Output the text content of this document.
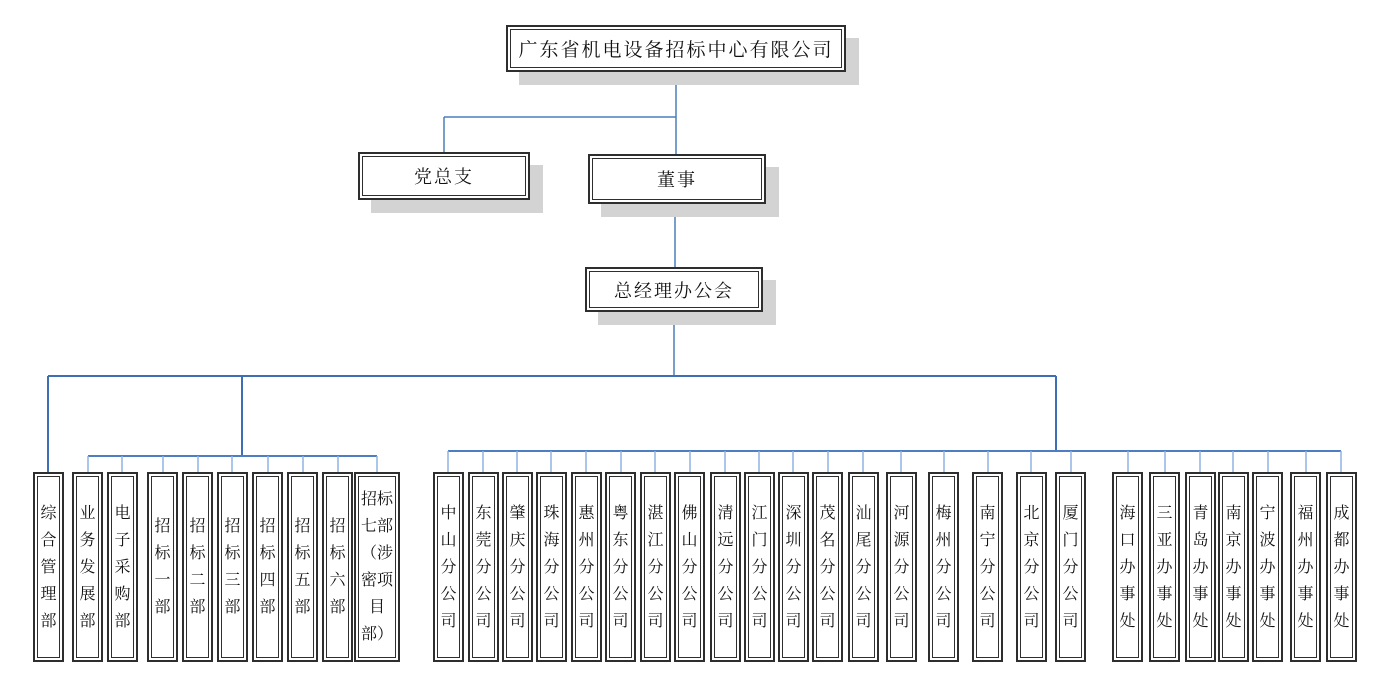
广东省机电设备招标中心有限公司
党总支	董事
总经理办公会
综合管理部
业务发展部
电子采购部
招标一部
招标二部
招标三部
招标四部
招标五部
招标六部
招标七部（涉密项目部）
中山分公司
东莞分公司
肇庆分公司
珠海分公司
惠州分公司
粤东分公司
湛江分公司
佛山分公司
清远分公司
江门分公司
深圳分公司
茂名分公司
汕尾分公司
河源分公司
梅州分公司
南宁分公司
北京分公司
厦门分公司
海口办事处
三亚办事处
青岛办事处
南京办事处
宁波办事处
福州办事处
成都办事处
